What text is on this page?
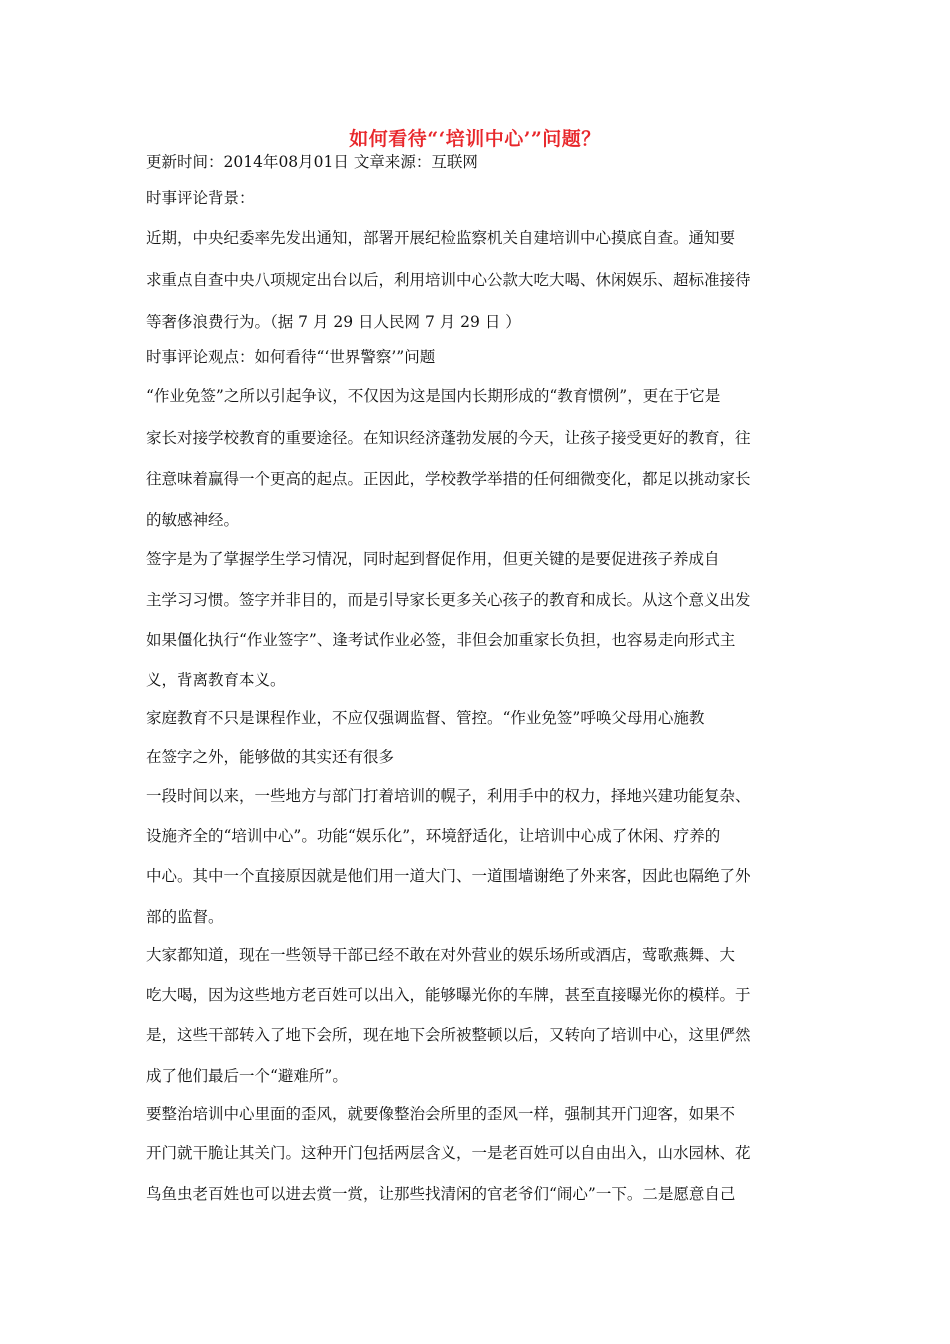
如何看待“‘培训中心’”问题？
更新时间：2014年08月01日 文章来源：互联网
时事评论背景：
近期，中央纪委率先发出通知，部署开展纪检监察机关自建培训中心摸底自查。通知要
求重点自查中央八项规定出台以后，利用培训中心公款大吃大喝、休闲娱乐、超标准接待
等奢侈浪费行为。（据 7 月 29 日人民网 7 月 29 日 ）
时事评论观点：如何看待“‘世界警察’”问题
“作业免签”之所以引起争议，不仅因为这是国内长期形成的“教育惯例”，更在于它是
家长对接学校教育的重要途径。在知识经济蓬勃发展的今天，让孩子接受更好的教育，往
往意味着赢得一个更高的起点。正因此，学校教学举措的任何细微变化，都足以挑动家长
的敏感神经。
签字是为了掌握学生学习情况，同时起到督促作用，但更关键的是要促进孩子养成自
主学习习惯。签字并非目的，而是引导家长更多关心孩子的教育和成长。从这个意义出发
如果僵化执行“作业签字”、逢考试作业必签，非但会加重家长负担，也容易走向形式主
义，背离教育本义。
家庭教育不只是课程作业，不应仅强调监督、管控。“作业免签”呼唤父母用心施教
在签字之外，能够做的其实还有很多
一段时间以来，一些地方与部门打着培训的幌子，利用手中的权力，择地兴建功能复杂、
设施齐全的“培训中心”。功能“娱乐化”，环境舒适化，让培训中心成了休闲、疗养的
中心。其中一个直接原因就是他们用一道大门、一道围墙谢绝了外来客，因此也隔绝了外
部的监督。
大家都知道，现在一些领导干部已经不敢在对外营业的娱乐场所或酒店，莺歌燕舞、大
吃大喝，因为这些地方老百姓可以出入，能够曝光你的车牌，甚至直接曝光你的模样。于
是，这些干部转入了地下会所，现在地下会所被整顿以后，又转向了培训中心，这里俨然
成了他们最后一个“避难所”。
要整治培训中心里面的歪风，就要像整治会所里的歪风一样，强制其开门迎客，如果不
开门就干脆让其关门。这种开门包括两层含义，一是老百姓可以自由出入，山水园林、花
鸟鱼虫老百姓也可以进去赏一赏，让那些找清闲的官老爷们“闹心”一下。二是愿意自己
